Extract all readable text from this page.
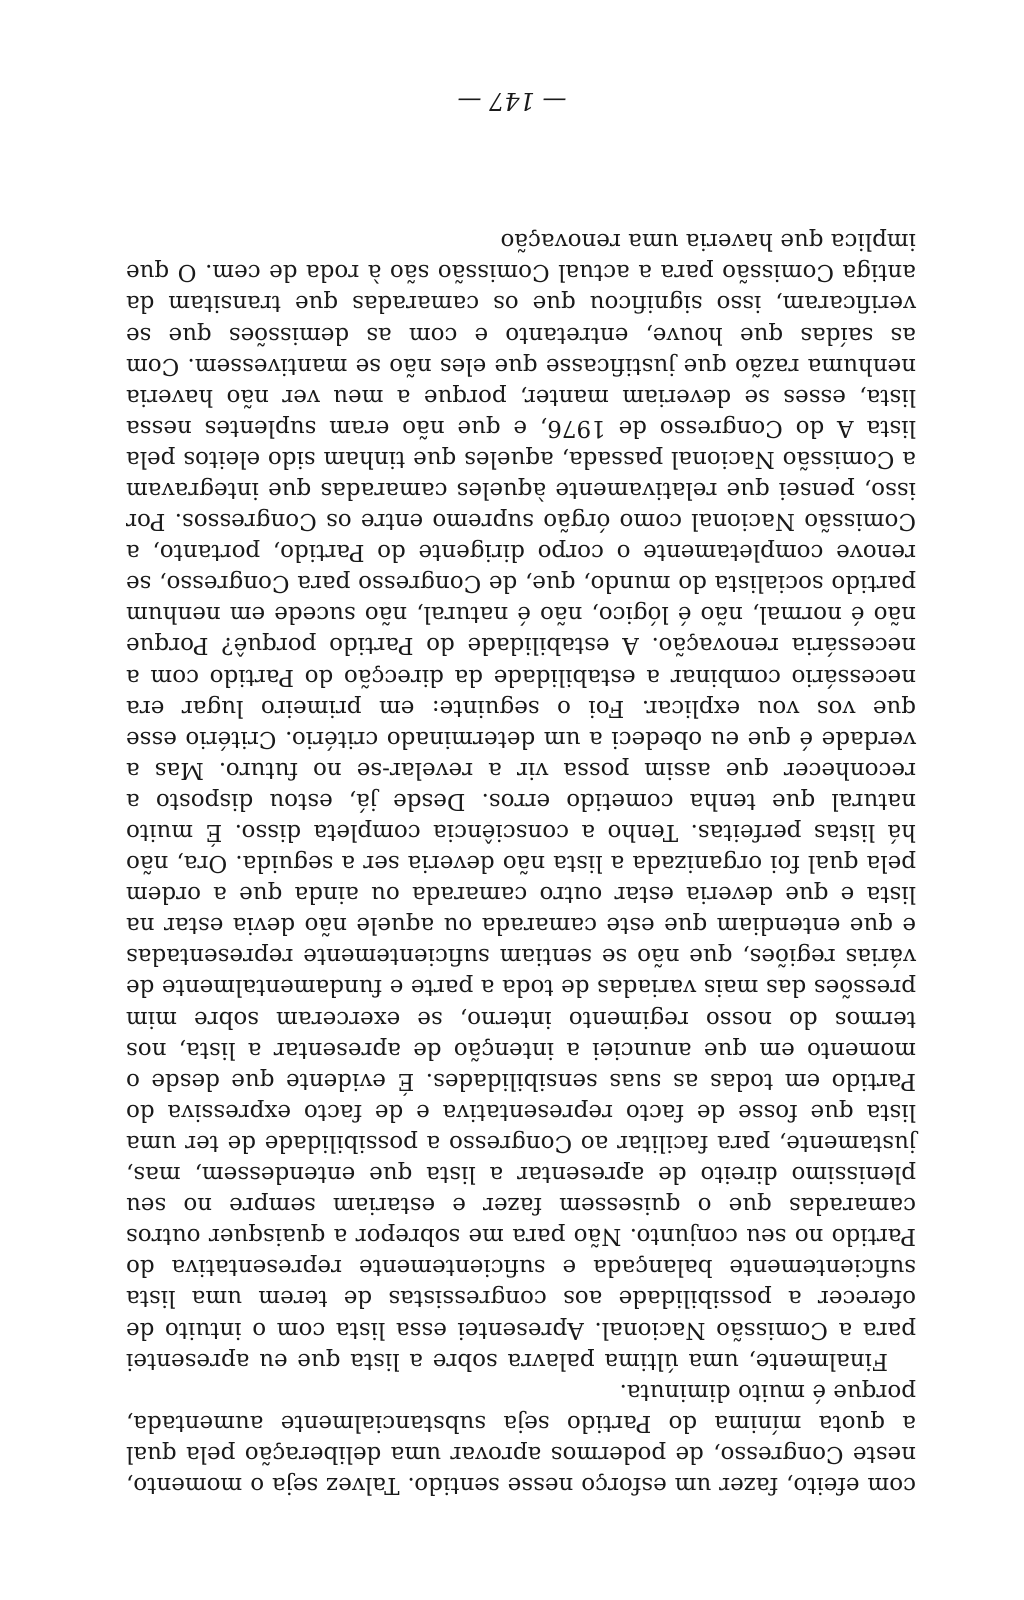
com efeito, fazer um esforço nesse sentido. Talvez seja o momento, neste Congresso, de podermos aprovar uma deliberação pela qual a quota mínima do Partido seja substancialmente aumentada, porque é muito diminuta.

Finalmente, uma última palavra sobre a lista que eu apresentei para a Comissão Nacional. Apresentei essa lista com o intuito de oferecer a possibilidade aos congressistas de terem uma lista suficientemente balançada e suficientemente representativa do Partido no seu conjunto. Não para me sobrepor a quaisquer outros camaradas que o quisessem fazer e estariam sempre no seu plenissimo direito de apresentar a lista que entendessem, mas, justamente, para facilitar ao Congresso a possibilidade de ter uma lista que fosse de facto representativa e de facto expressiva do Partido em todas as suas sensibilidades. É evidente que desde o momento em que anunciei a intenção de apresentar a lista, nos termos do nosso regimento interno, se exerceram sobre mim pressões das mais variadas de toda a parte e fundamentalmente de várias regiões, que não se sentiam suficientemente representadas e que entendiam que este camarada ou aquele não devia estar na lista e que deveria estar outro camarada ou ainda que a ordem pela qual foi organizada a lista não deveria ser a seguida. Ora, não há listas perfeitas. Tenho a consciência completa disso. É muito natural que tenha cometido erros. Desde já, estou disposto a reconhecer que assim possa vir a revelar-se no futuro. Mas a verdade é que eu obedeci a um determinado critério. Critério esse que vos vou explicar. Foi o seguinte: em primeiro lugar era necessário combinar a estabilidade da direcção do Partido com a necessária renovação. A estabilidade do Partido porquê? Porque não é normal, não é lógico, não é natural, não sucede em nenhum partido socialista do mundo, que, de Congresso para Congresso, se renove completamente o corpo dirigente do Partido, portanto, a Comissão Nacional como órgão supremo entre os Congressos. Por isso, pensei que relativamente àqueles camaradas que integravam a Comissão Nacional passada, aqueles que tinham sido eleitos pela lista A do Congresso de 1976, e que não eram suplentes nessa lista, esses se deveriam manter, porque a meu ver não haveria nenhuma razão que justificasse que eles não se mantivessem. Com as saídas que houve, entretanto e com as demissões que se verificaram, isso significou que os camaradas que transitam da antiga Comissão para a actual Comissão são à roda de cem. O que implica que haveria uma renovação

— 147 —
